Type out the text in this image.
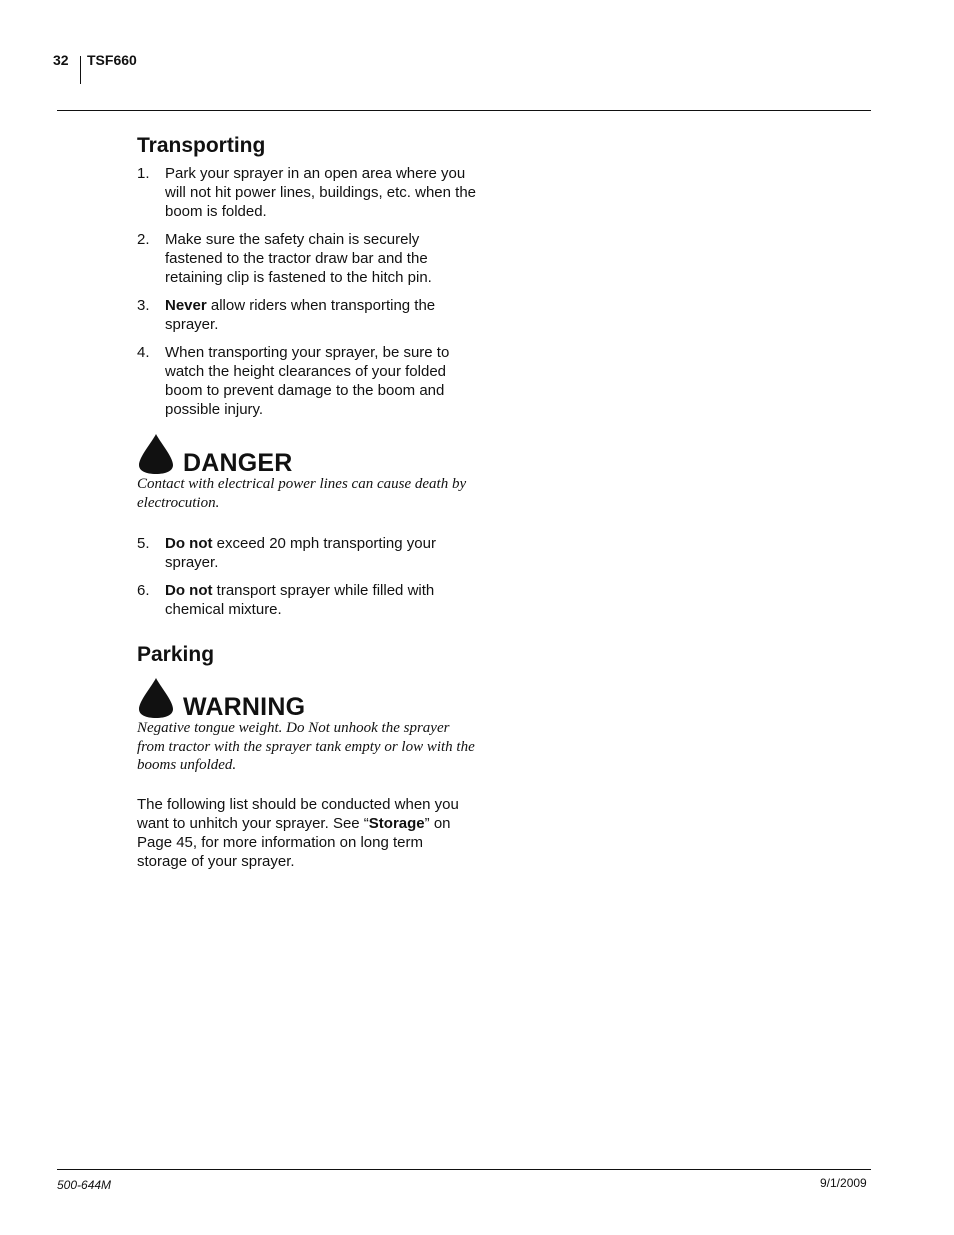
32 TSF660
Transporting
1. Park your sprayer in an open area where you will not hit power lines, buildings, etc. when the boom is folded.
2. Make sure the safety chain is securely fastened to the tractor draw bar and the retaining clip is fastened to the hitch pin.
3. Never allow riders when transporting the sprayer.
4. When transporting your sprayer, be sure to watch the height clearances of your folded boom to prevent damage to the boom and possible injury.
DANGER
Contact with electrical power lines can cause death by electrocution.
5. Do not exceed 20 mph transporting your sprayer.
6. Do not transport sprayer while filled with chemical mixture.
Parking
WARNING
Negative tongue weight. Do Not unhook the sprayer from tractor with the sprayer tank empty or low with the booms unfolded.

The following list should be conducted when you want to unhitch your sprayer. See “Storage” on Page 45, for more information on long term storage of your sprayer.

500-644M	9/1/2009
